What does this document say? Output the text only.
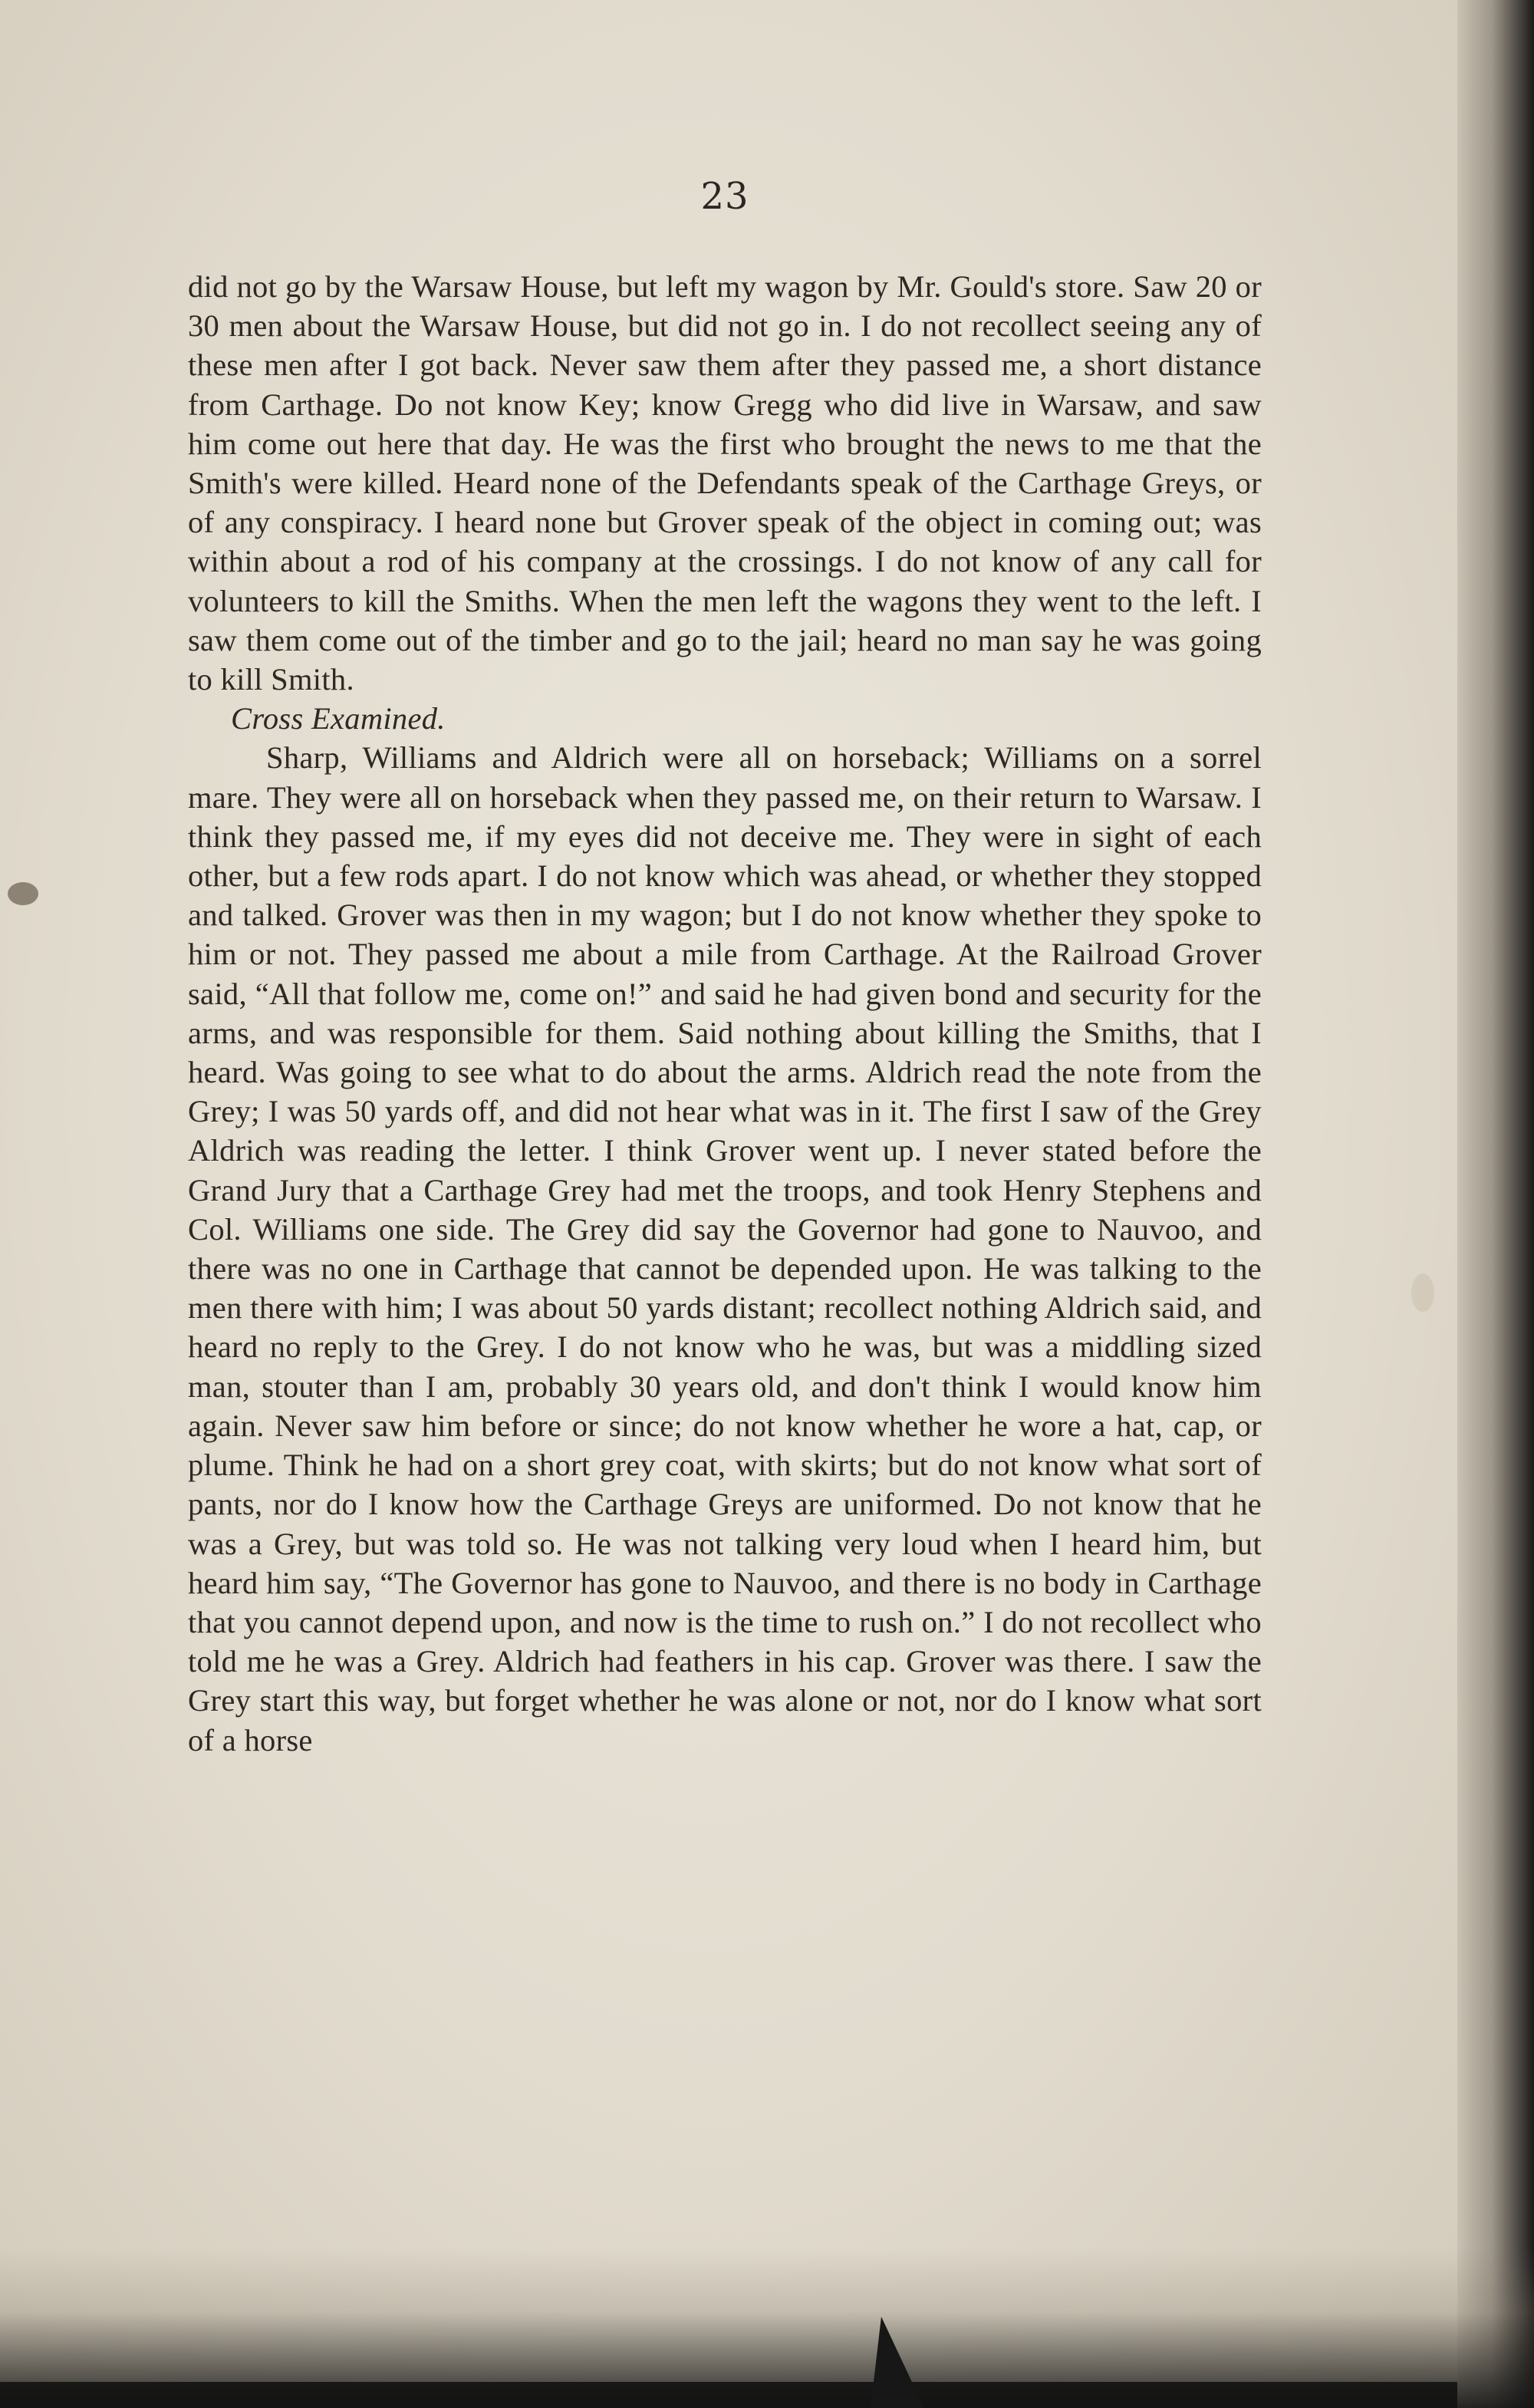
23

did not go by the Warsaw House, but left my wagon by Mr. Gould's store. Saw 20 or 30 men about the Warsaw House, but did not go in. I do not recollect seeing any of these men after I got back. Never saw them after they passed me, a short distance from Carthage. Do not know Key; know Gregg who did live in Warsaw, and saw him come out here that day. He was the first who brought the news to me that the Smith's were killed. Heard none of the Defendants speak of the Carthage Greys, or of any conspiracy. I heard none but Grover speak of the object in coming out; was within about a rod of his company at the crossings. I do not know of any call for volunteers to kill the Smiths. When the men left the wagons they went to the left. I saw them come out of the timber and go to the jail; heard no man say he was going to kill Smith.

Cross Examined.

Sharp, Williams and Aldrich were all on horseback; Williams on a sorrel mare. They were all on horseback when they passed me, on their return to Warsaw. I think they passed me, if my eyes did not deceive me. They were in sight of each other, but a few rods apart. I do not know which was ahead, or whether they stopped and talked. Grover was then in my wagon; but I do not know whether they spoke to him or not. They passed me about a mile from Carthage. At the Railroad Grover said, “All that follow me, come on!” and said he had given bond and security for the arms, and was responsible for them. Said nothing about killing the Smiths, that I heard. Was going to see what to do about the arms. Aldrich read the note from the Grey; I was 50 yards off, and did not hear what was in it. The first I saw of the Grey Aldrich was reading the letter. I think Grover went up. I never stated before the Grand Jury that a Carthage Grey had met the troops, and took Henry Stephens and Col. Williams one side. The Grey did say the Governor had gone to Nauvoo, and there was no one in Carthage that cannot be depended upon. He was talking to the men there with him; I was about 50 yards distant; recollect nothing Aldrich said, and heard no reply to the Grey. I do not know who he was, but was a middling sized man, stouter than I am, probably 30 years old, and don't think I would know him again. Never saw him before or since; do not know whether he wore a hat, cap, or plume. Think he had on a short grey coat, with skirts; but do not know what sort of pants, nor do I know how the Carthage Greys are uniformed. Do not know that he was a Grey, but was told so. He was not talking very loud when I heard him, but heard him say, “The Governor has gone to Nauvoo, and there is no body in Carthage that you cannot depend upon, and now is the time to rush on.” I do not recollect who told me he was a Grey. Aldrich had feathers in his cap. Grover was there. I saw the Grey start this way, but forget whether he was alone or not, nor do I know what sort of a horse
